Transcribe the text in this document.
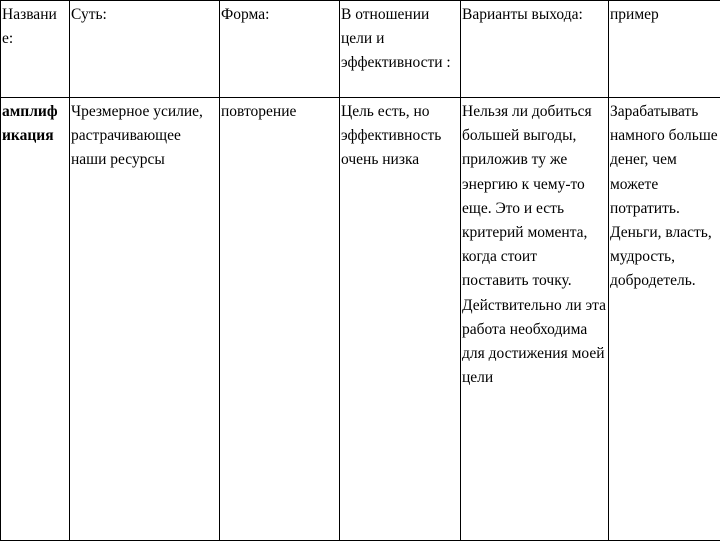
Названи е:	Суть:	Форма:	В отношении цели и эффективности :	Варианты выхода:	пример

амплиф икация	Чрезмерное усилие, растрачивающее наши ресурсы	повторение	Цель есть, но эффективность очень низка	Нельзя ли добиться большей выгоды, приложив ту же энергию к чему-то еще. Это и есть критерий момента, когда стоит поставить точку. Действительно ли эта работа необходима для достижения моей цели	Зарабатывать намного больше денег, чем можете потратить. Деньги, власть, мудрость, добродетель.
